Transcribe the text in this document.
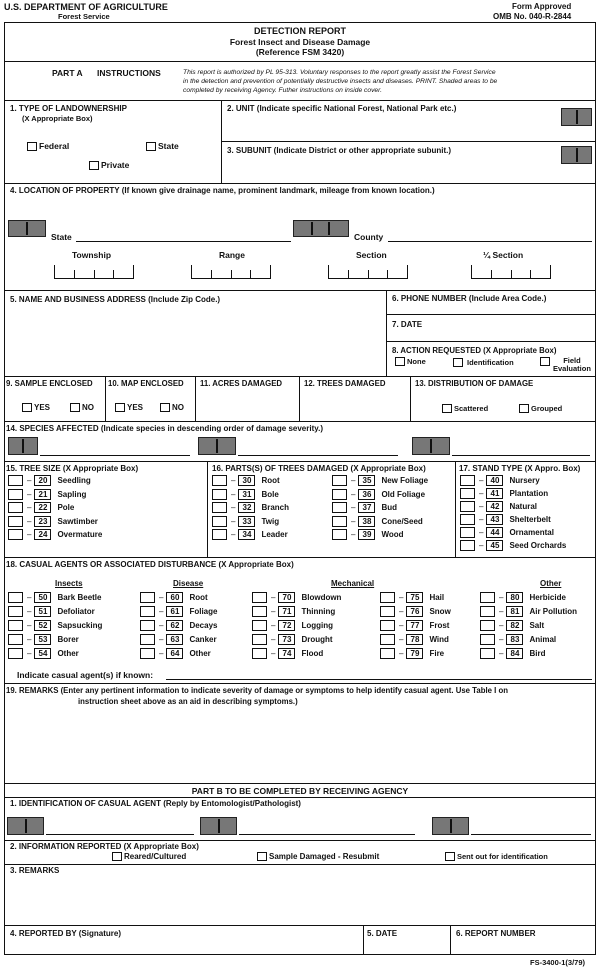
U.S. DEPARTMENT OF AGRICULTURE
Forest Service
Form Approved
OMB No. 040-R-2844
DETECTION REPORT
Forest Insect and Disease Damage
(Reference FSM 3420)
PART A INSTRUCTIONS	This report is authorized by PL 95-313. Voluntary responses to the report greatly assist the Forest Service
in the detection and prevention of potentially destructive insects and diseases. PRINT. Shaded areas to be
completed by receiving Agency. Futher instructions on inside cover.
1. TYPE OF LANDOWNERSHIP
(X Appropriate Box)
Federal	State
Private
2. UNIT (Indicate specific National Forest, National Park etc.)
3. SUBUNIT (Indicate District or other appropriate subunit.)
4. LOCATION OF PROPERTY (If known give drainage name, prominent landmark, mileage from known location.)
State	County
Township	Range	Section	¼ Section
5. NAME AND BUSINESS ADDRESS (Include Zip Code.)	6. PHONE NUMBER (Include Area Code.)
7. DATE
8. ACTION REQUESTED (X Appropriate Box)
None	Identification	Field
Evaluation
9. SAMPLE ENCLOSED
YES	NO
10. MAP ENCLOSED
YES	NO
11. ACRES DAMAGED	12. TREES DAMAGED	13. DISTRIBUTION OF DAMAGE
Scattered	Grouped
14. SPECIES AFFECTED (Indicate species in descending order of damage severity.)
15. TREE SIZE (X Appropriate Box)	16. PARTS(S) OF TREES DAMAGED (X Appropriate Box)	17. STAND TYPE (X Appro. Box)
– 20	Seedling
– 21	Sapling
– 22	Pole
– 23	Sawtimber
– 24	Overmature
– 30	Root
– 31	Bole
– 32	Branch
– 33	Twig
– 34	Leader
– 35	New Foliage
– 36	Old Foliage
– 37	Bud
– 38	Cone/Seed
– 39	Wood
– 40	Nursery
– 41	Plantation
– 42	Natural
– 43	Shelterbelt
– 44	Ornamental
– 45	Seed Orchards
18. CASUAL AGENTS OR ASSOCIATED DISTURBANCE (X Appropriate Box)
Insects	Disease	Mechanical	Other
– 50	Bark Beetle
– 51	Defoliator
– 52	Sapsucking
– 53	Borer
– 54	Other
– 60	Root
– 61	Foliage
– 62	Decays
– 63	Canker
– 64	Other
– 70	Blowdown
– 71	Thinning
– 72	Logging
– 73	Drought
– 74	Flood
– 75	Hail
– 76	Snow
– 77	Frost
– 78	Wind
– 79	Fire
– 80	Herbicide
– 81	Air Pollution
– 82	Salt
– 83	Animal
– 84	Bird
Indicate casual agent(s) if known:
19. REMARKS (Enter any pertinent information to indicate severity of damage or symptoms to help identify casual agent. Use Table I on
instruction sheet above as an aid in describing symptoms.)
PART B TO BE COMPLETED BY RECEIVING AGENCY
1. IDENTIFICATION OF CASUAL AGENT (Reply by Entomologist/Pathologist)
2. INFORMATION REPORTED (X Appropriate Box)
Reared/Cultured	Sample Damaged - Resubmit	Sent out for identification
3. REMARKS
4. REPORTED BY (Signature)	5. DATE	6. REPORT NUMBER
FS-3400-1(3/79)
